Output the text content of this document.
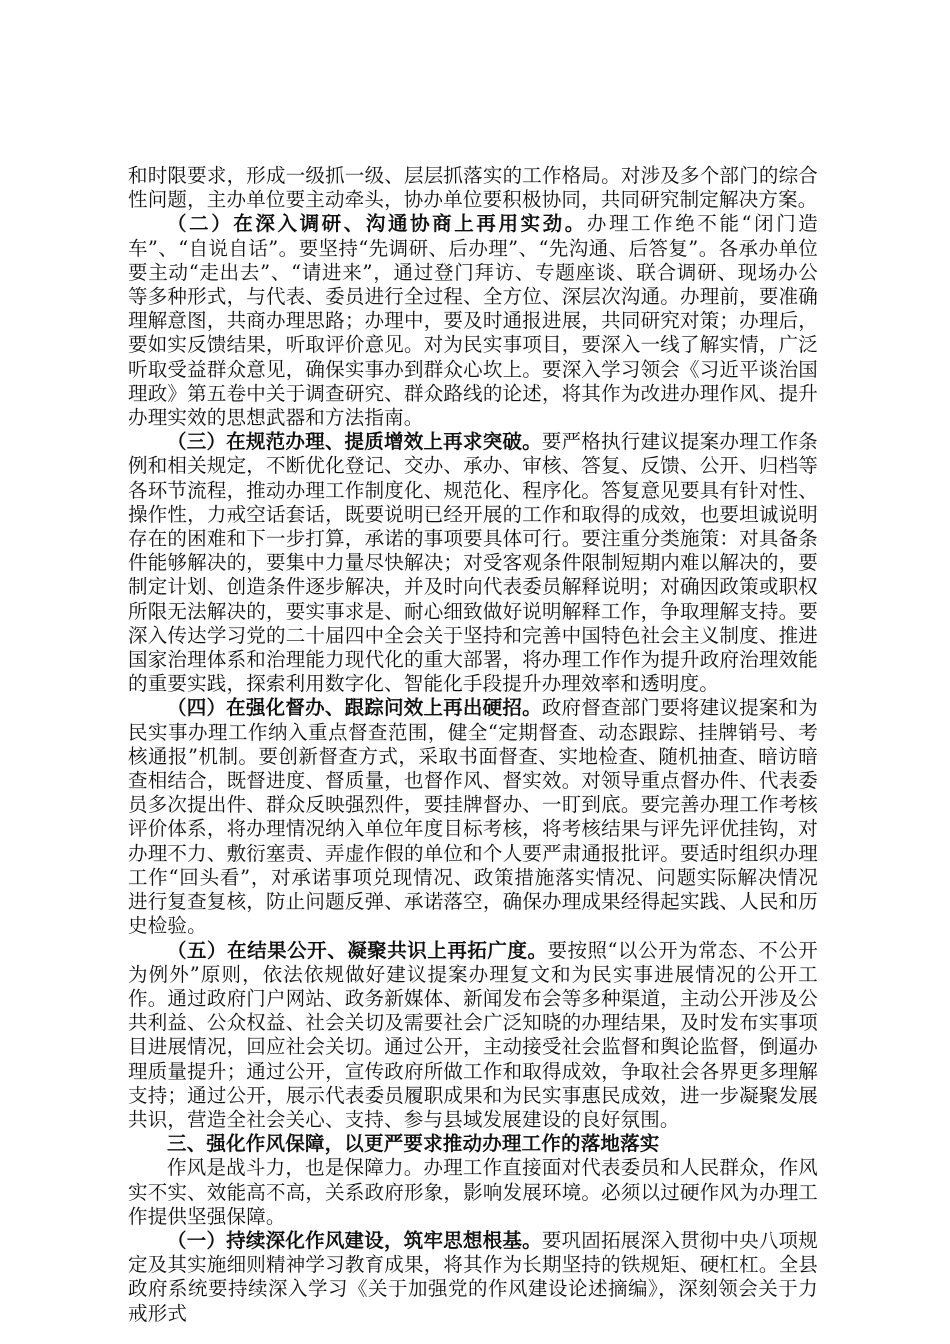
和时限要求，形成一级抓一级、层层抓落实的工作格局。对涉及多个部门的综合性问题，主办单位要主动牵头，协办单位要积极协同，共同研究制定解决方案。

（二）在深入调研、沟通协商上再用实劲。办理工作绝不能“闭门造车”、“自说自话”。要坚持“先调研、后办理”、“先沟通、后答复”。各承办单位要主动“走出去”、“请进来”，通过登门拜访、专题座谈、联合调研、现场办公等多种形式，与代表、委员进行全过程、全方位、深层次沟通。办理前，要准确理解意图，共商办理思路；办理中，要及时通报进展，共同研究对策；办理后，要如实反馈结果，听取评价意见。对为民实事项目，要深入一线了解实情，广泛听取受益群众意见，确保实事办到群众心坎上。要深入学习领会《习近平谈治国理政》第五卷中关于调查研究、群众路线的论述，将其作为改进办理作风、提升办理实效的思想武器和方法指南。

（三）在规范办理、提质增效上再求突破。要严格执行建议提案办理工作条例和相关规定，不断优化登记、交办、承办、审核、答复、反馈、公开、归档等各环节流程，推动办理工作制度化、规范化、程序化。答复意见要具有针对性、操作性，力戒空话套话，既要说明已经开展的工作和取得的成效，也要坦诚说明存在的困难和下一步打算，承诺的事项要具体可行。要注重分类施策：对具备条件能够解决的，要集中力量尽快解决；对受客观条件限制短期内难以解决的，要制定计划、创造条件逐步解决，并及时向代表委员解释说明；对确因政策或职权所限无法解决的，要实事求是、耐心细致做好说明解释工作，争取理解支持。要深入传达学习党的二十届四中全会关于坚持和完善中国特色社会主义制度、推进国家治理体系和治理能力现代化的重大部署，将办理工作作为提升政府治理效能的重要实践，探索利用数字化、智能化手段提升办理效率和透明度。

（四）在强化督办、跟踪问效上再出硬招。政府督查部门要将建议提案和为民实事办理工作纳入重点督查范围，健全“定期督查、动态跟踪、挂牌销号、考核通报”机制。要创新督查方式，采取书面督查、实地检查、随机抽查、暗访暗查相结合，既督进度、督质量，也督作风、督实效。对领导重点督办件、代表委员多次提出件、群众反映强烈件，要挂牌督办、一盯到底。要完善办理工作考核评价体系，将办理情况纳入单位年度目标考核，将考核结果与评先评优挂钩，对办理不力、敷衍塞责、弄虚作假的单位和个人要严肃通报批评。要适时组织办理工作“回头看”，对承诺事项兑现情况、政策措施落实情况、问题实际解决情况进行复查复核，防止问题反弹、承诺落空，确保办理成果经得起实践、人民和历史检验。

（五）在结果公开、凝聚共识上再拓广度。要按照“以公开为常态、不公开为例外”原则，依法依规做好建议提案办理复文和为民实事进展情况的公开工作。通过政府门户网站、政务新媒体、新闻发布会等多种渠道，主动公开涉及公共利益、公众权益、社会关切及需要社会广泛知晓的办理结果，及时发布实事项目进展情况，回应社会关切。通过公开，主动接受社会监督和舆论监督，倒逼办理质量提升；通过公开，宣传政府所做工作和取得成效，争取社会各界更多理解支持；通过公开，展示代表委员履职成果和为民实事惠民成效，进一步凝聚发展共识，营造全社会关心、支持、参与县域发展建设的良好氛围。

三、强化作风保障，以更严要求推动办理工作的落地落实

作风是战斗力，也是保障力。办理工作直接面对代表委员和人民群众，作风实不实、效能高不高，关系政府形象，影响发展环境。必须以过硬作风为办理工作提供坚强保障。

（一）持续深化作风建设，筑牢思想根基。要巩固拓展深入贯彻中央八项规定及其实施细则精神学习教育成果，将其作为长期坚持的铁规矩、硬杠杠。全县政府系统要持续深入学习《关于加强党的作风建设论述摘编》，深刻领会关于力戒形式
